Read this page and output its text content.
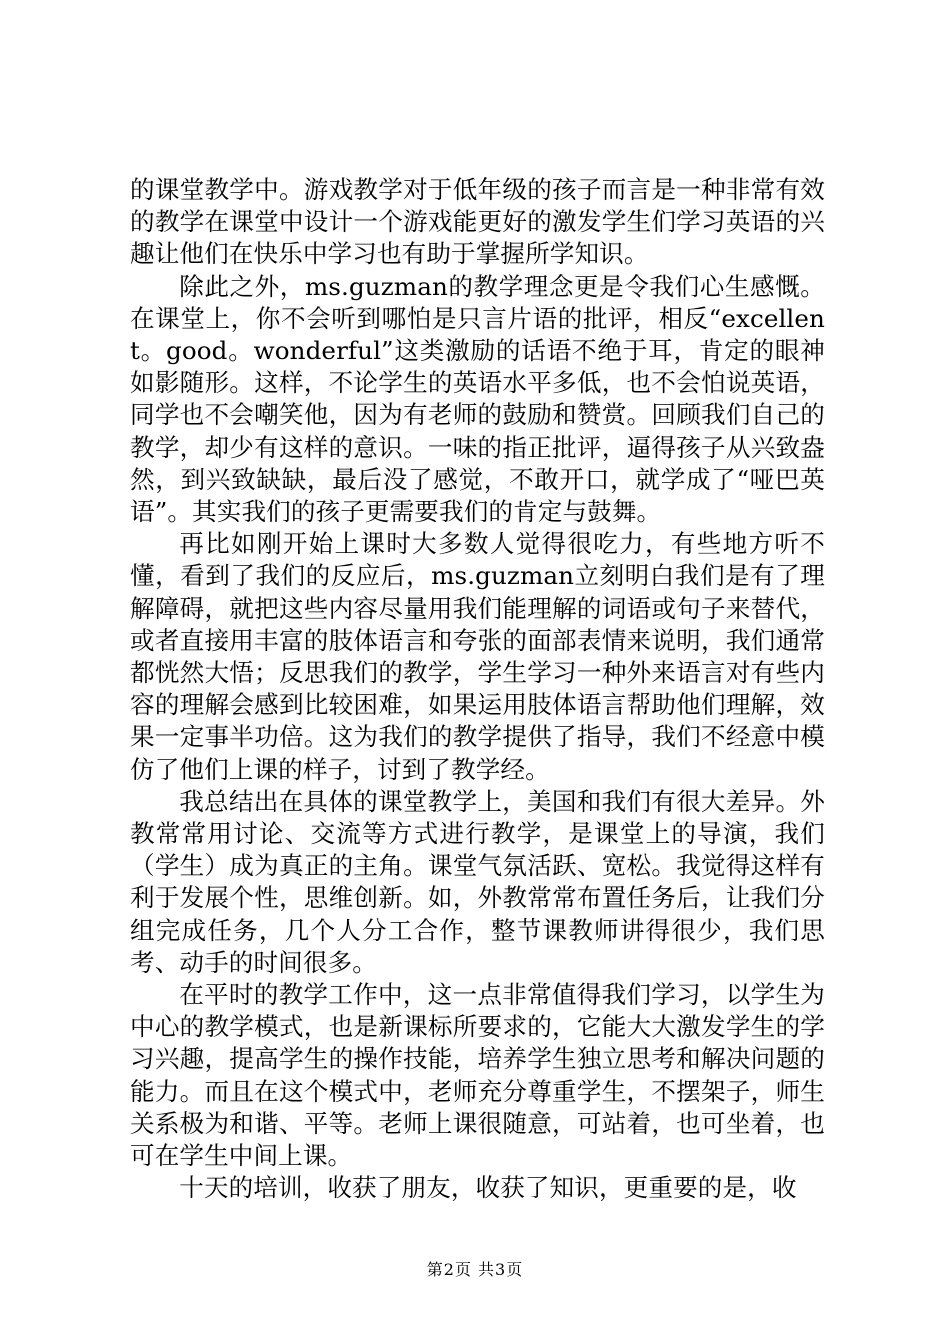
的课堂教学中。游戏教学对于低年级的孩子而言是一种非常有效的教学在课堂中设计一个游戏能更好的激发学生们学习英语的兴趣让他们在快乐中学习也有助于掌握所学知识。

除此之外，ms.guzman的教学理念更是令我们心生感慨。在课堂上，你不会听到哪怕是只言片语的批评，相反“excellent。good。wonderful”这类激励的话语不绝于耳，肯定的眼神如影随形。这样，不论学生的英语水平多低，也不会怕说英语，同学也不会嘲笑他，因为有老师的鼓励和赞赏。回顾我们自己的教学，却少有这样的意识。一味的指正批评，逼得孩子从兴致盎然，到兴致缺缺，最后没了感觉，不敢开口，就学成了“哑巴英语”。其实我们的孩子更需要我们的肯定与鼓舞。

再比如刚开始上课时大多数人觉得很吃力，有些地方听不懂，看到了我们的反应后，ms.guzman立刻明白我们是有了理解障碍，就把这些内容尽量用我们能理解的词语或句子来替代，或者直接用丰富的肢体语言和夸张的面部表情来说明，我们通常都恍然大悟；反思我们的教学，学生学习一种外来语言对有些内容的理解会感到比较困难，如果运用肢体语言帮助他们理解，效果一定事半功倍。这为我们的教学提供了指导，我们不经意中模仿了他们上课的样子，讨到了教学经。

我总结出在具体的课堂教学上，美国和我们有很大差异。外教常常用讨论、交流等方式进行教学，是课堂上的导演，我们（学生）成为真正的主角。课堂气氛活跃、宽松。我觉得这样有利于发展个性，思维创新。如，外教常常布置任务后，让我们分组完成任务，几个人分工合作，整节课教师讲得很少，我们思考、动手的时间很多。

在平时的教学工作中，这一点非常值得我们学习，以学生为中心的教学模式，也是新课标所要求的，它能大大激发学生的学习兴趣，提高学生的操作技能，培养学生独立思考和解决问题的能力。而且在这个模式中，老师充分尊重学生，不摆架子，师生关系极为和谐、平等。老师上课很随意，可站着，也可坐着，也可在学生中间上课。

十天的培训，收获了朋友，收获了知识，更重要的是，收

第2页 共3页
